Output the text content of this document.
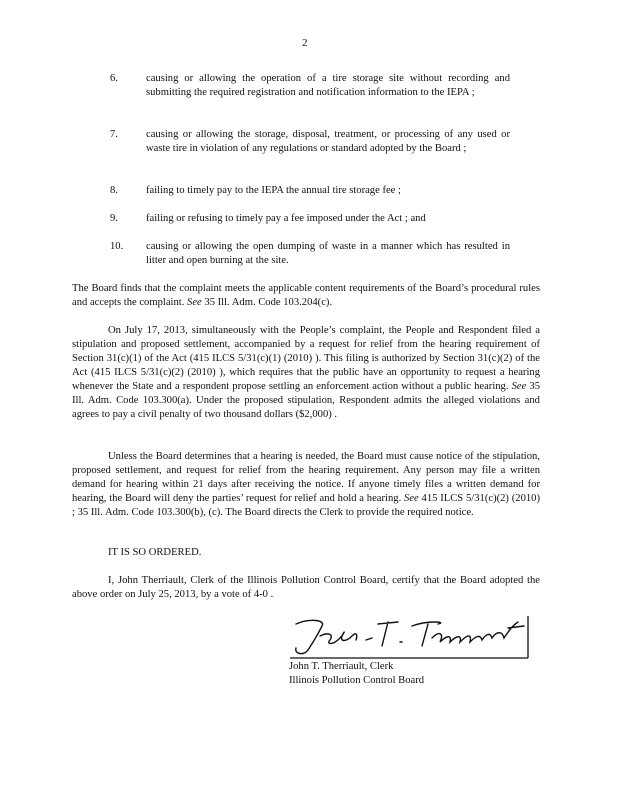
2
6.	causing or allowing the operation of a tire storage site without recording and submitting the required registration and notification information to the IEPA ;
7.	causing or allowing the storage, disposal, treatment, or processing of any used or waste tire in violation of any regulations or standard adopted by the Board ;
8.	failing to timely pay to the IEPA the annual tire storage fee ;
9.	failing or refusing to timely pay a fee imposed under the Act ; and
10. causing or allowing the open dumping of waste in a manner which has resulted in litter and open burning at the site.
The Board finds that the complaint meets the applicable content requirements of the Board’s procedural rules and accepts the complaint. See 35 Ill. Adm. Code 103.204(c).
On July 17, 2013, simultaneously with the People’s complaint, the People and Respondent filed a stipulation and proposed settlement, accompanied by a request for relief from the hearing requirement of Section 31(c)(1) of the Act (415 ILCS 5/31(c)(1) (2010) ). This filing is authorized by Section 31(c)(2) of the Act (415 ILCS 5/31(c)(2) (2010) ), which requires that the public have an opportunity to request a hearing whenever the State and a respondent propose settling an enforcement action without a public hearing. See 35 Ill. Adm. Code 103.300(a). Under the proposed stipulation, Respondent admits the alleged violations and agrees to pay a civil penalty of two thousand dollars ($2,000) .
Unless the Board determines that a hearing is needed, the Board must cause notice of the stipulation, proposed settlement, and request for relief from the hearing requirement. Any person may file a written demand for hearing within 21 days after receiving the notice. If anyone timely files a written demand for hearing, the Board will deny the parties’ request for relief and hold a hearing. See 415 ILCS 5/31(c)(2) (2010) ; 35 Ill. Adm. Code 103.300(b), (c). The Board directs the Clerk to provide the required notice.
IT IS SO ORDERED.
I, John Therriault, Clerk of the Illinois Pollution Control Board, certify that the Board adopted the above order on July 25, 2013, by a vote of 4-0 .
John T. Therriault, Clerk
Illinois Pollution Control Board
